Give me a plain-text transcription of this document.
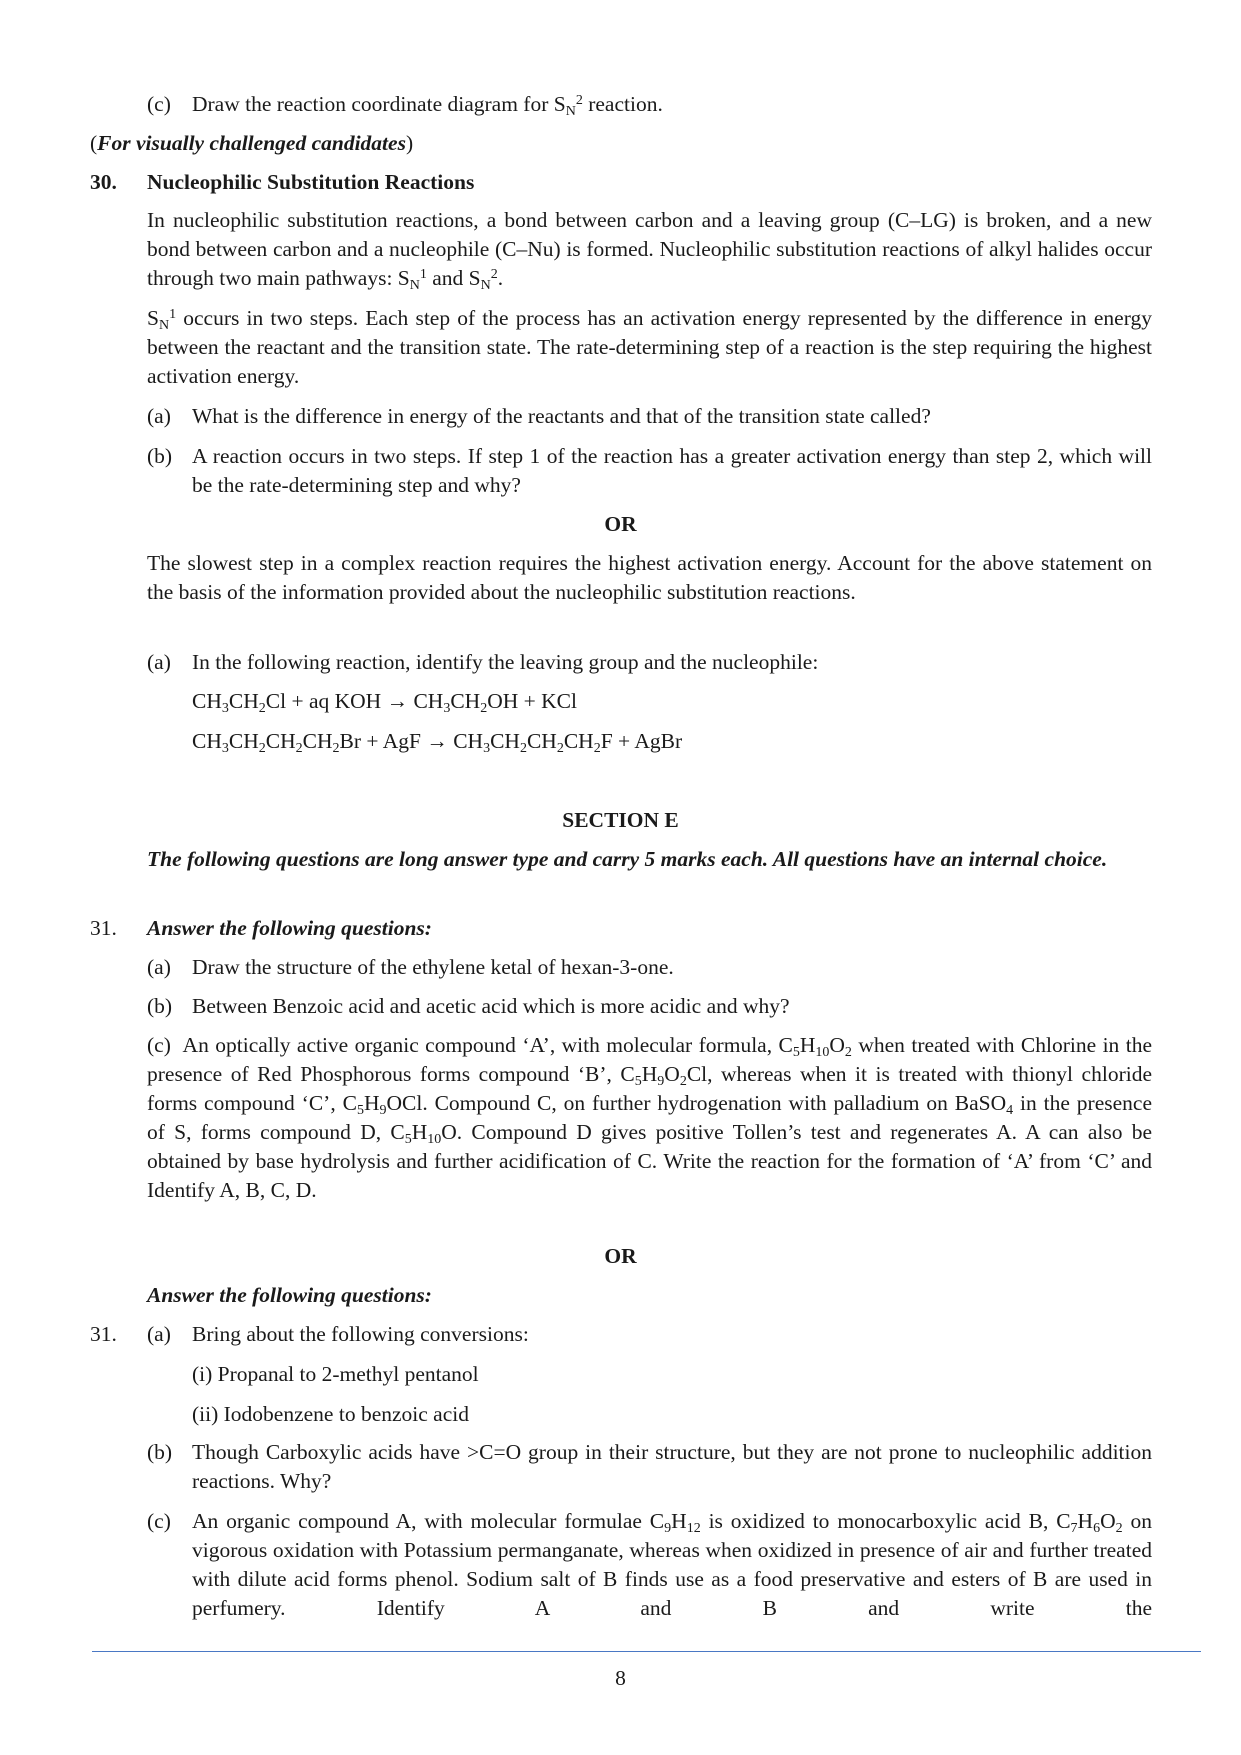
(c) Draw the reaction coordinate diagram for $S_N^2$ reaction.
(For visually challenged candidates)
30. Nucleophilic Substitution Reactions
In nucleophilic substitution reactions, a bond between carbon and a leaving group (C–LG) is broken, and a new bond between carbon and a nucleophile (C–Nu) is formed. Nucleophilic substitution reactions of alkyl halides occur through two main pathways: $S_N^1$ and $S_N^2$.
$S_N^1$ occurs in two steps. Each step of the process has an activation energy represented by the difference in energy between the reactant and the transition state. The rate-determining step of a reaction is the step requiring the highest activation energy.
(a) What is the difference in energy of the reactants and that of the transition state called?
(b) A reaction occurs in two steps. If step 1 of the reaction has a greater activation energy than step 2, which will be the rate-determining step and why?
OR
The slowest step in a complex reaction requires the highest activation energy. Account for the above statement on the basis of the information provided about the nucleophilic substitution reactions.
(a) In the following reaction, identify the leaving group and the nucleophile:
$CH_3CH_2Cl$ + aq KOH → $CH_3CH_2OH$ + KCl
$CH_3CH_2CH_2CH_2Br$ + AgF → $CH_3CH_2CH_2CH_2F$ + AgBr
SECTION E
The following questions are long answer type and carry 5 marks each. All questions have an internal choice.
31. Answer the following questions:
(a) Draw the structure of the ethylene ketal of hexan-3-one.
(b) Between Benzoic acid and acetic acid which is more acidic and why?
(c) An optically active organic compound ‘A’, with molecular formula, $C_5H_{10}O_2$ when treated with Chlorine in the presence of Red Phosphorous forms compound ‘B’, $C_5H_9O_2Cl$, whereas when it is treated with thionyl chloride forms compound ‘C’, $C_5H_9OCl$. Compound C, on further hydrogenation with palladium on BaSO$_4$ in the presence of S, forms compound D, $C_5H_{10}O$. Compound D gives positive Tollen’s test and regenerates A. A can also be obtained by base hydrolysis and further acidification of C. Write the reaction for the formation of ‘A’ from ‘C’ and Identify A, B, C, D.
OR
Answer the following questions:
31. (a) Bring about the following conversions:
(i) Propanal to 2-methyl pentanol
(ii) Iodobenzene to benzoic acid
(b) Though Carboxylic acids have >C=O group in their structure, but they are not prone to nucleophilic addition reactions. Why?
(c) An organic compound A, with molecular formulae $C_9H_{12}$ is oxidized to monocarboxylic acid B, $C_7H_6O_2$ on vigorous oxidation with Potassium permanganate, whereas when oxidized in presence of air and further treated with dilute acid forms phenol. Sodium salt of B finds use as a food preservative and esters of B are used in perfumery. Identify A and B and write the
8
